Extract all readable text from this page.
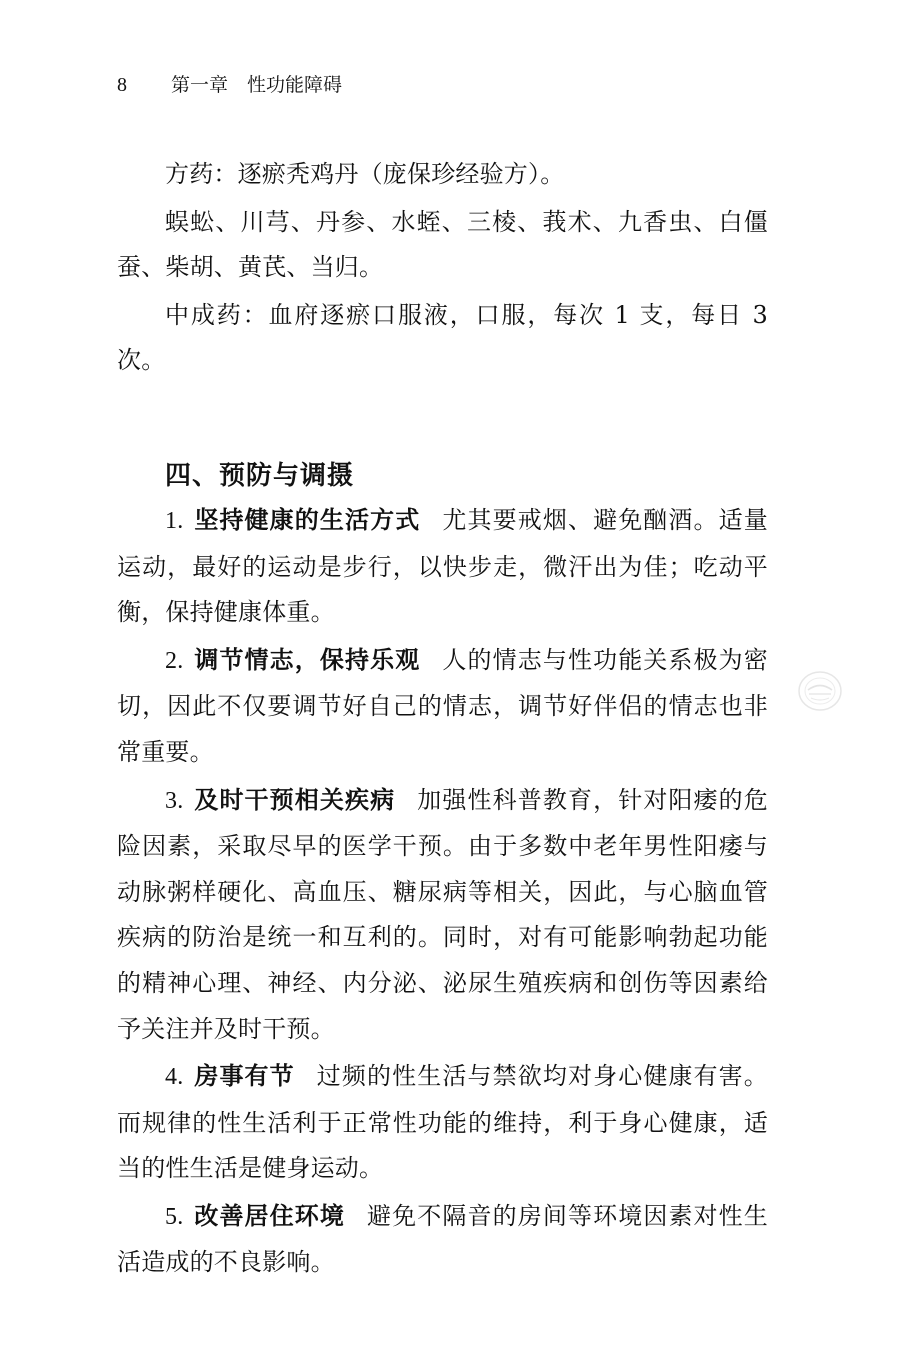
8 第一章　性功能障碍

方药：逐瘀秃鸡丹（庞保珍经验方）。

蜈蚣、川芎、丹参、水蛭、三棱、莪术、九香虫、白僵蚕、柴胡、黄芪、当归。

中成药：血府逐瘀口服液，口服，每次 1 支，每日 3 次。

四、预防与调摄

1. 坚持健康的生活方式 尤其要戒烟、避免酗酒。适量运动，最好的运动是步行，以快步走，微汗出为佳；吃动平衡，保持健康体重。

2. 调节情志，保持乐观 人的情志与性功能关系极为密切，因此不仅要调节好自己的情志，调节好伴侣的情志也非常重要。

3. 及时干预相关疾病 加强性科普教育，针对阳痿的危险因素，采取尽早的医学干预。由于多数中老年男性阳痿与动脉粥样硬化、高血压、糖尿病等相关，因此，与心脑血管疾病的防治是统一和互利的。同时，对有可能影响勃起功能的精神心理、神经、内分泌、泌尿生殖疾病和创伤等因素给予关注并及时干预。

4. 房事有节 过频的性生活与禁欲均对身心健康有害。而规律的性生活利于正常性功能的维持，利于身心健康，适当的性生活是健身运动。

5. 改善居住环境 避免不隔音的房间等环境因素对性生活造成的不良影响。
